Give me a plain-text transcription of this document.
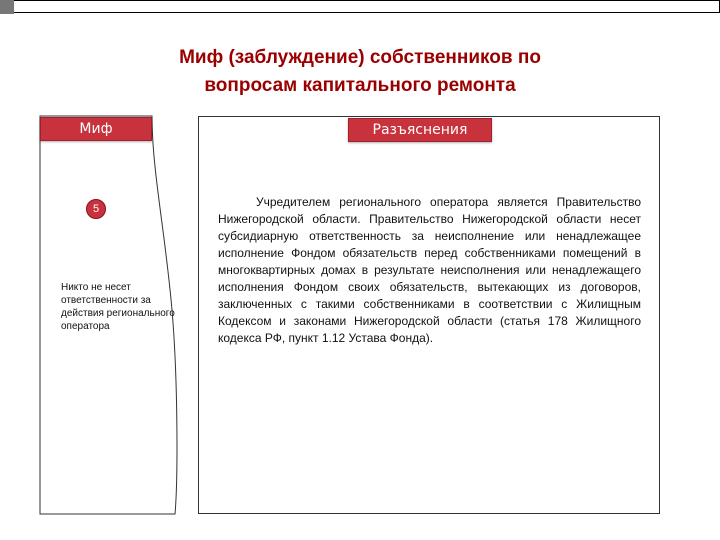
Миф (заблуждение) собственников по
вопросам капитального ремонта
Миф
5
Никто не несет ответственности за действия регионального оператора
Разъяснения
Учредителем регионального оператора является Правительство Нижегородской области. Правительство Нижегородской области несет субсидиарную ответственность за неисполнение или ненадлежащее исполнение Фондом обязательств перед собственниками помещений в многоквартирных домах в результате неисполнения или ненадлежащего исполнения Фондом своих обязательств, вытекающих из договоров, заключенных с такими собственниками в соответствии с Жилищным Кодексом и законами Нижегородской области (статья 178 Жилищного кодекса РФ, пункт 1.12 Устава Фонда).
